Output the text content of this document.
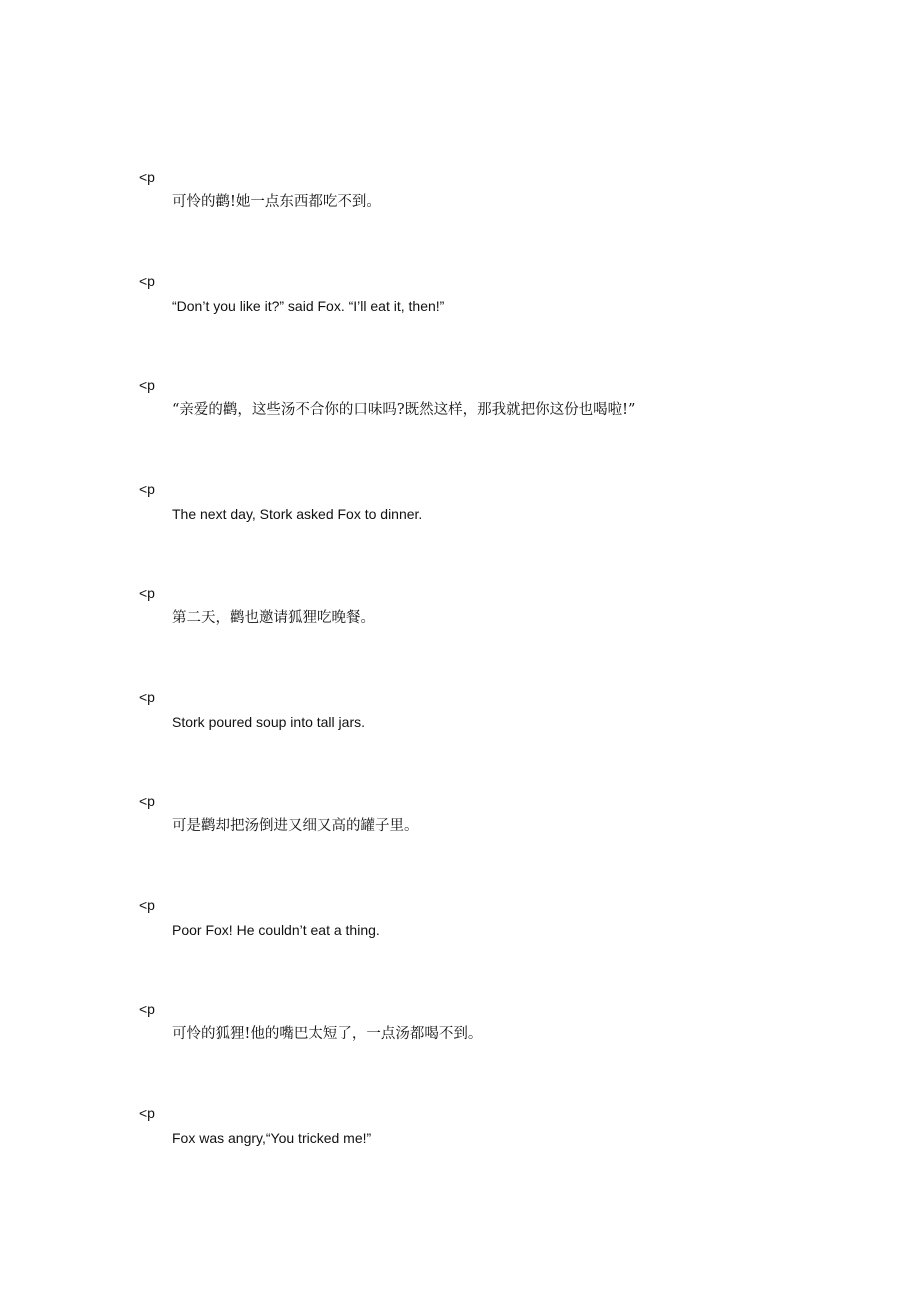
<p
可怜的鹳!她一点东西都吃不到。
<p
“Don’t you like it?” said Fox. “I’ll eat it, then!”
<p
“亲爱的鹳，这些汤不合你的口味吗?既然这样，那我就把你这份也喝啦!”
<p
The next day, Stork asked Fox to dinner.
<p
第二天，鹳也邀请狐狸吃晚餐。
<p
Stork poured soup into tall jars.
<p
可是鹳却把汤倒进又细又高的罐子里。
<p
Poor Fox! He couldn’t eat a thing.
<p
可怜的狐狸!他的嘴巴太短了，一点汤都喝不到。
<p
Fox was angry,“You tricked me!”
